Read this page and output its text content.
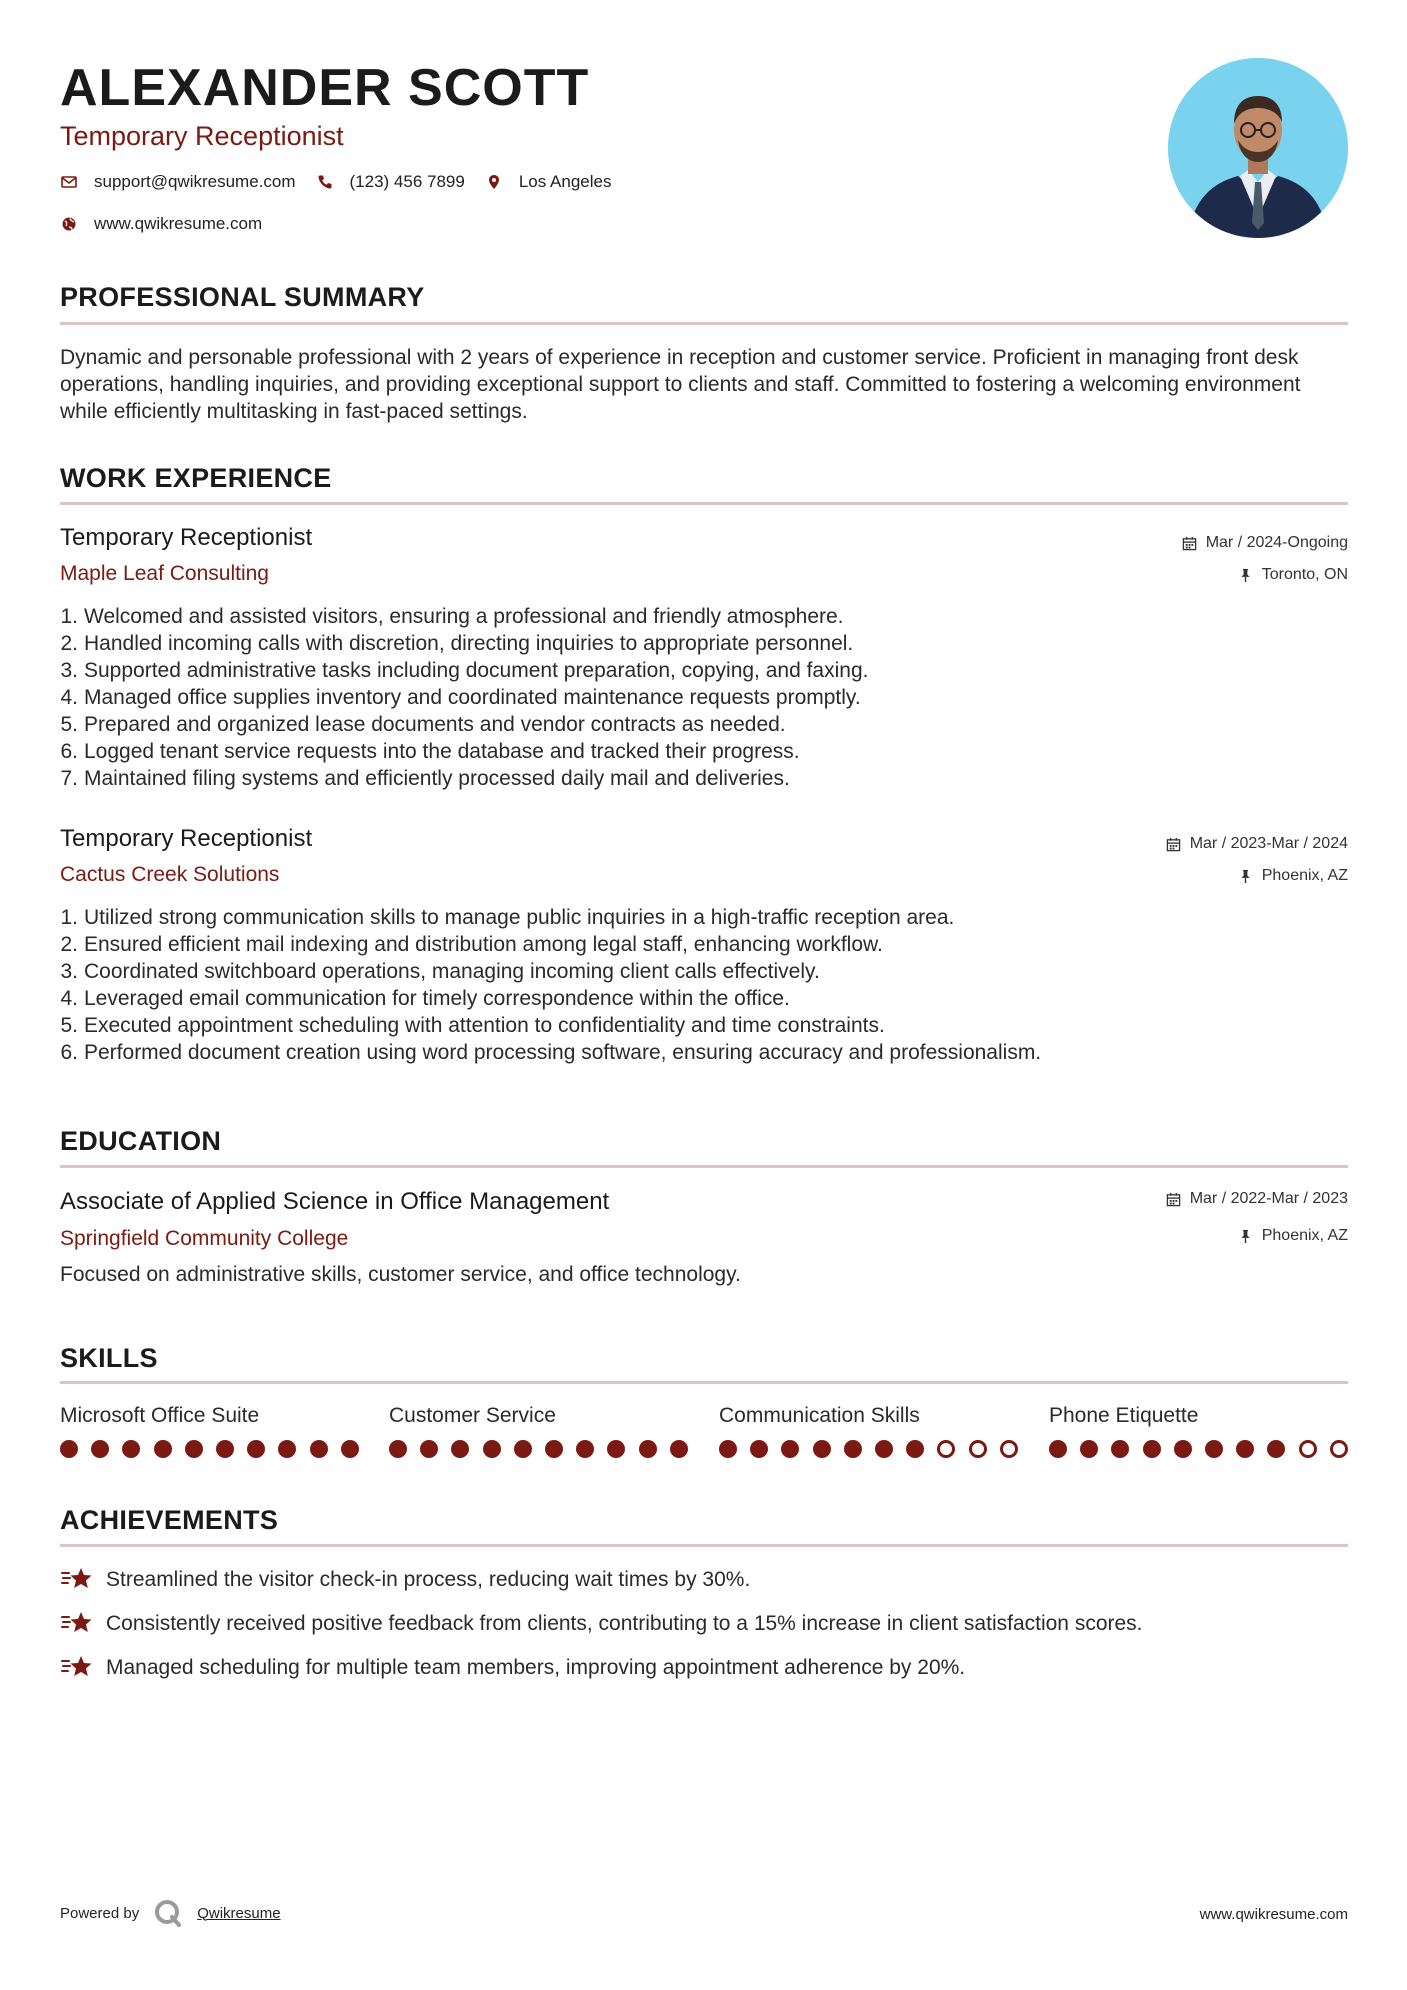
ALEXANDER SCOTT
Temporary Receptionist
support@qwikresume.com	(123) 456 7899	Los Angeles
www.qwikresume.com
PROFESSIONAL SUMMARY
Dynamic and personable professional with 2 years of experience in reception and customer service. Proficient in managing front desk operations, handling inquiries, and providing exceptional support to clients and staff. Committed to fostering a welcoming environment while efficiently multitasking in fast-paced settings.
WORK EXPERIENCE
Temporary Receptionist
Maple Leaf Consulting
Mar / 2024-Ongoing
Toronto, ON
1. Welcomed and assisted visitors, ensuring a professional and friendly atmosphere.
2. Handled incoming calls with discretion, directing inquiries to appropriate personnel.
3. Supported administrative tasks including document preparation, copying, and faxing.
4. Managed office supplies inventory and coordinated maintenance requests promptly.
5. Prepared and organized lease documents and vendor contracts as needed.
6. Logged tenant service requests into the database and tracked their progress.
7. Maintained filing systems and efficiently processed daily mail and deliveries.
Temporary Receptionist
Cactus Creek Solutions
Mar / 2023-Mar / 2024
Phoenix, AZ
1. Utilized strong communication skills to manage public inquiries in a high-traffic reception area.
2. Ensured efficient mail indexing and distribution among legal staff, enhancing workflow.
3. Coordinated switchboard operations, managing incoming client calls effectively.
4. Leveraged email communication for timely correspondence within the office.
5. Executed appointment scheduling with attention to confidentiality and time constraints.
6. Performed document creation using word processing software, ensuring accuracy and professionalism.
EDUCATION
Associate of Applied Science in Office Management
Springfield Community College
Mar / 2022-Mar / 2023
Phoenix, AZ
Focused on administrative skills, customer service, and office technology.
SKILLS
Microsoft Office Suite	Customer Service	Communication Skills	Phone Etiquette
ACHIEVEMENTS
Streamlined the visitor check-in process, reducing wait times by 30%.
Consistently received positive feedback from clients, contributing to a 15% increase in client satisfaction scores.
Managed scheduling for multiple team members, improving appointment adherence by 20%.
Powered by	Qwikresume	www.qwikresume.com
